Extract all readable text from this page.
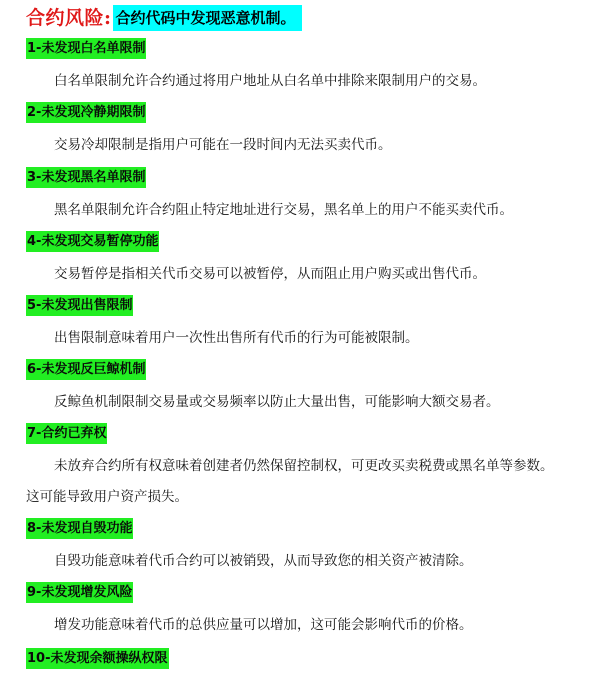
合约风险: 合约代码中发现恶意机制。
1-未发现白名单限制
白名单限制允许合约通过将用户地址从白名单中排除来限制用户的交易。
2-未发现冷静期限制
交易冷却限制是指用户可能在一段时间内无法买卖代币。
3-未发现黑名单限制
黑名单限制允许合约阻止特定地址进行交易，黑名单上的用户不能买卖代币。
4-未发现交易暂停功能
交易暂停是指相关代币交易可以被暂停，从而阻止用户购买或出售代币。
5-未发现出售限制
出售限制意味着用户一次性出售所有代币的行为可能被限制。
6-未发现反巨鲸机制
反鲸鱼机制限制交易量或交易频率以防止大量出售，可能影响大额交易者。
7-合约已弃权
未放弃合约所有权意味着创建者仍然保留控制权，可更改买卖税费或黑名单等参数。
这可能导致用户资产损失。
8-未发现自毁功能
自毁功能意味着代币合约可以被销毁，从而导致您的相关资产被清除。
9-未发现增发风险
增发功能意味着代币的总供应量可以增加，这可能会影响代币的价格。
10-未发现余额操纵权限
